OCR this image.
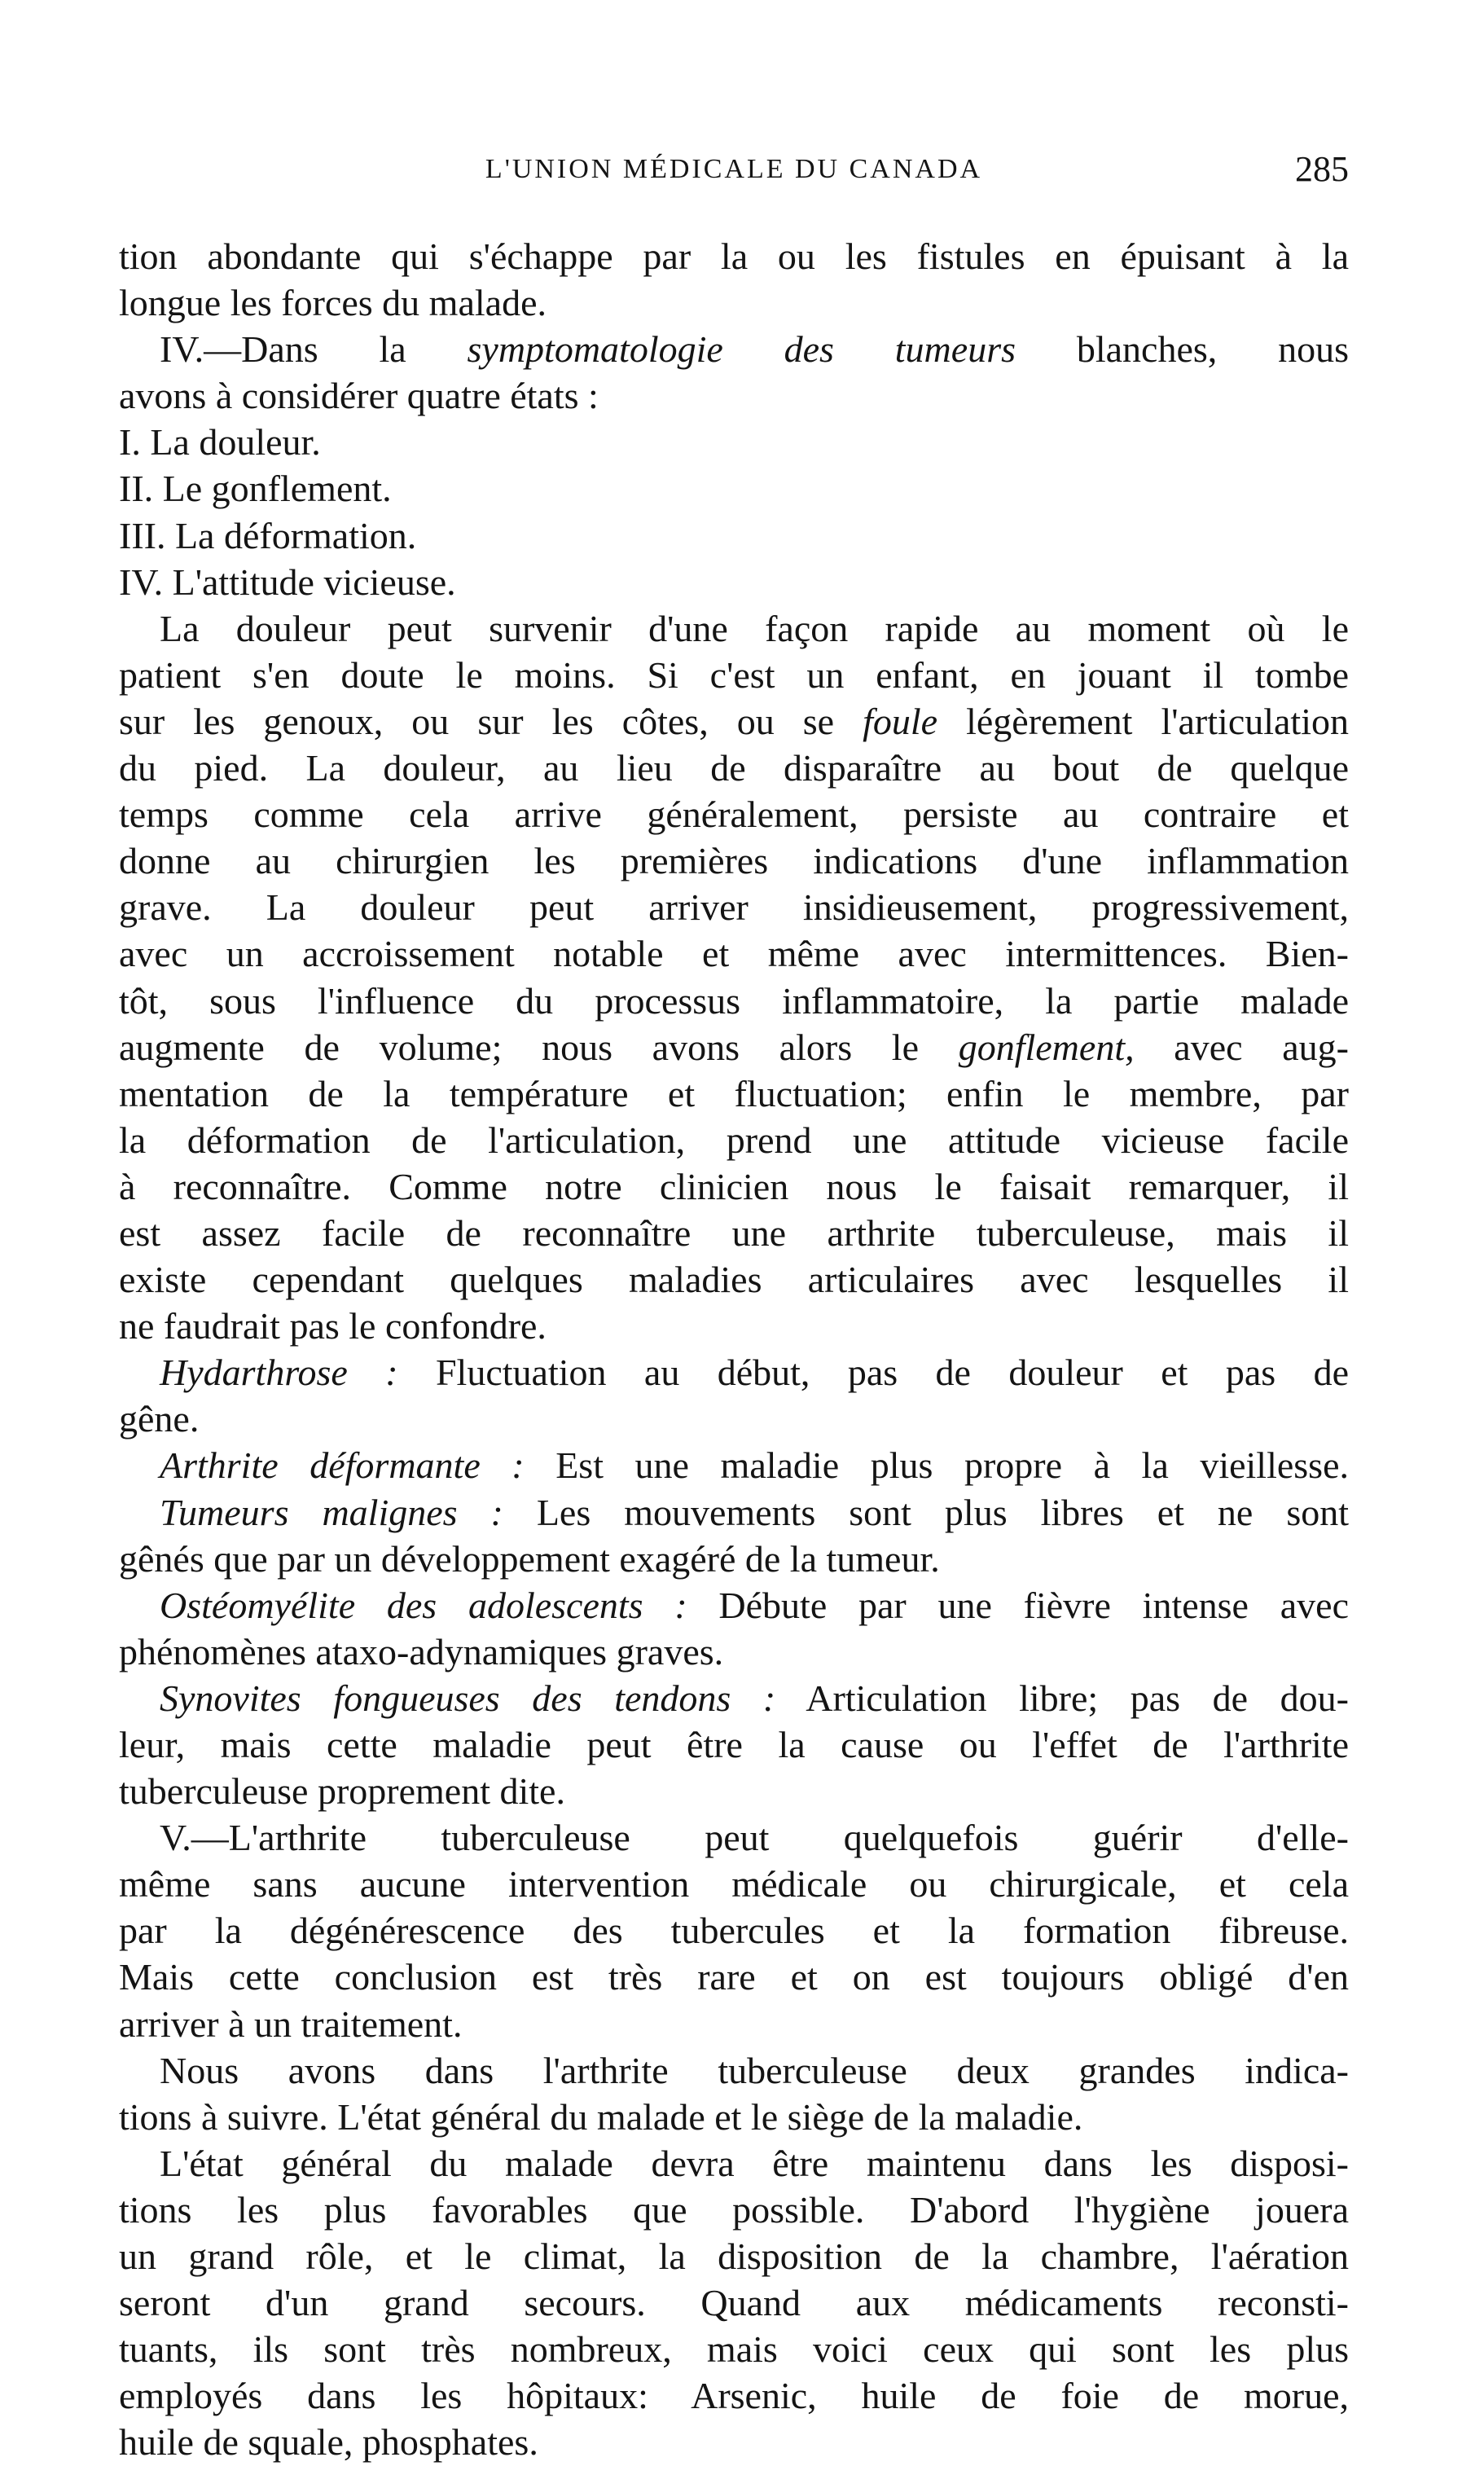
L'UNION MÉDICALE DU CANADA	285
tion abondante qui s'échappe par la ou les fistules en épuisant à la
longue les forces du malade.
IV.—Dans la symptomatologie des tumeurs blanches, nous
avons à considérer quatre états :
I. La douleur.
II. Le gonflement.
III. La déformation.
IV. L'attitude vicieuse.
La douleur peut survenir d'une façon rapide au moment où le
patient s'en doute le moins. Si c'est un enfant, en jouant il tombe
sur les genoux, ou sur les côtes, ou se foule légèrement l'articulation
du pied. La douleur, au lieu de disparaître au bout de quelque
temps comme cela arrive généralement, persiste au contraire et
donne au chirurgien les premières indications d'une inflammation
grave. La douleur peut arriver insidieusement, progressivement,
avec un accroissement notable et même avec intermittences. Bien-
tôt, sous l'influence du processus inflammatoire, la partie malade
augmente de volume; nous avons alors le gonflement, avec aug-
mentation de la température et fluctuation; enfin le membre, par
la déformation de l'articulation, prend une attitude vicieuse facile
à reconnaître. Comme notre clinicien nous le faisait remarquer, il
est assez facile de reconnaître une arthrite tuberculeuse, mais il
existe cependant quelques maladies articulaires avec lesquelles il
ne faudrait pas le confondre.
Hydarthrose : Fluctuation au début, pas de douleur et pas de
gêne.
Arthrite déformante : Est une maladie plus propre à la vieillesse.
Tumeurs malignes : Les mouvements sont plus libres et ne sont
gênés que par un développement exagéré de la tumeur.
Ostéomyélite des adolescents : Débute par une fièvre intense avec
phénomènes ataxo-adynamiques graves.
Synovites fongueuses des tendons : Articulation libre; pas de dou-
leur, mais cette maladie peut être la cause ou l'effet de l'arthrite
tuberculeuse proprement dite.
V.—L'arthrite tuberculeuse peut quelquefois guérir d'elle-
même sans aucune intervention médicale ou chirurgicale, et cela
par la dégénérescence des tubercules et la formation fibreuse.
Mais cette conclusion est très rare et on est toujours obligé d'en
arriver à un traitement.
Nous avons dans l'arthrite tuberculeuse deux grandes indica-
tions à suivre. L'état général du malade et le siège de la maladie.
L'état général du malade devra être maintenu dans les disposi-
tions les plus favorables que possible. D'abord l'hygiène jouera
un grand rôle, et le climat, la disposition de la chambre, l'aération
seront d'un grand secours. Quand aux médicaments reconsti-
tuants, ils sont très nombreux, mais voici ceux qui sont les plus
employés dans les hôpitaux: Arsenic, huile de foie de morue,
huile de squale, phosphates.
